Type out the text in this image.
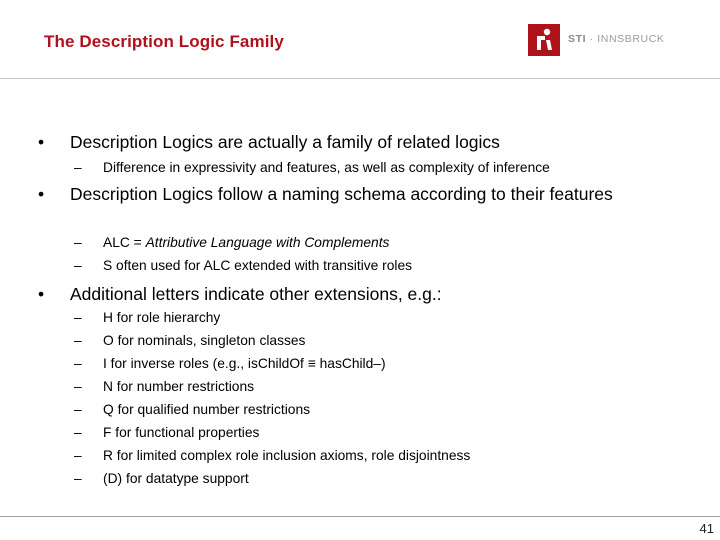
The Description Logic Family	STI · INNSBRUCK
• Description Logics are actually a family of related logics
– Difference in expressivity and features, as well as complexity of inference
• Description Logics follow a naming schema according to their features
– ALC = Attributive Language with Complements
– S often used for ALC extended with transitive roles
• Additional letters indicate other extensions, e.g.:
– H for role hierarchy
– O for nominals, singleton classes
– I for inverse roles (e.g., isChildOf ≡ hasChild–)
– N for number restrictions
– Q for qualified number restrictions
– F for functional properties
– R for limited complex role inclusion axioms, role disjointness
– (D) for datatype support
41
